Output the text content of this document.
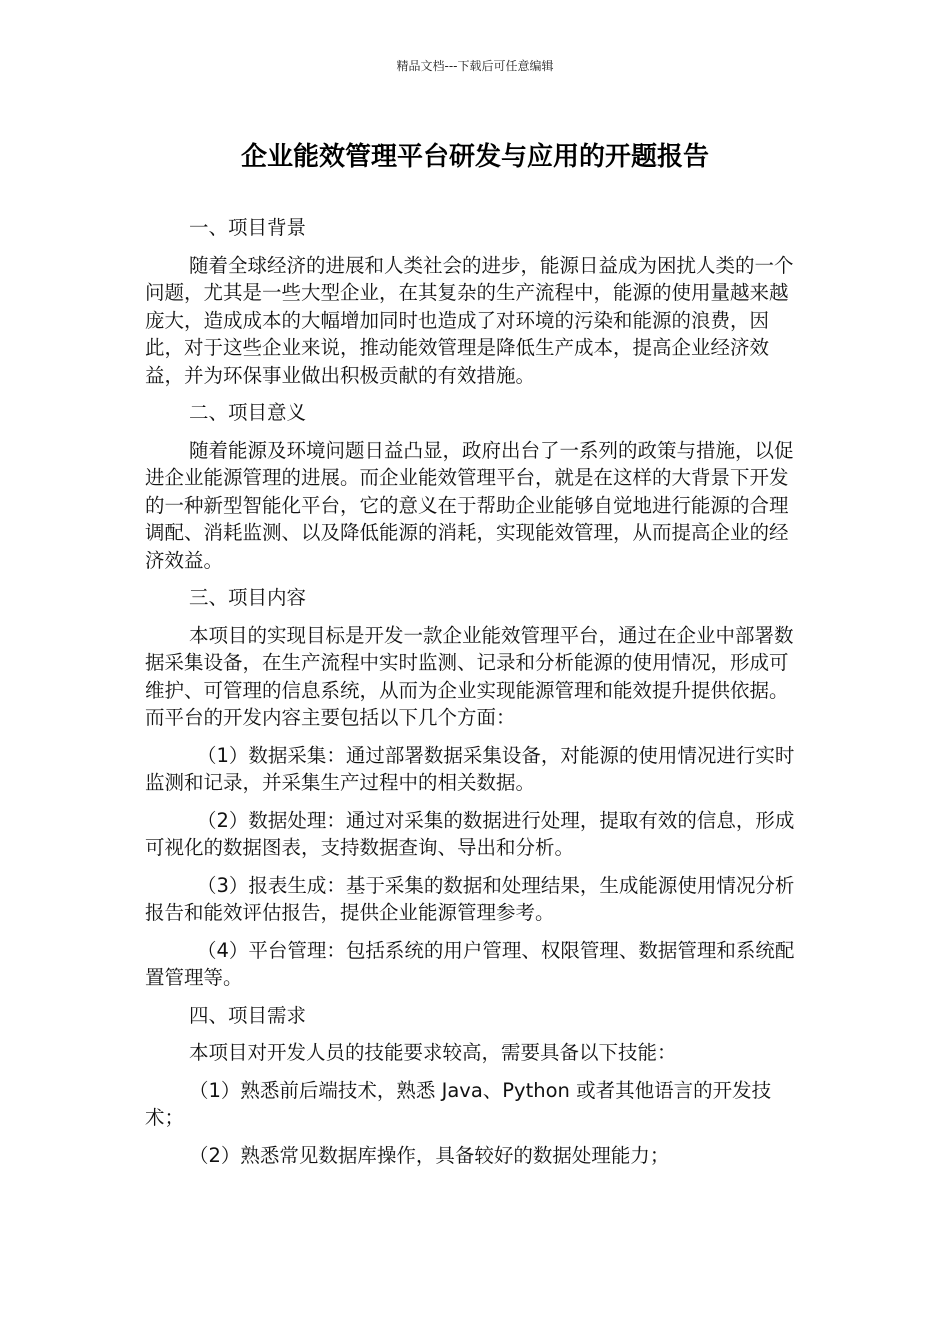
精品文档---下载后可任意编辑
企业能效管理平台研发与应用的开题报告

一、项目背景

随着全球经济的进展和人类社会的进步，能源日益成为困扰人类的一个问题，尤其是一些大型企业，在其复杂的生产流程中，能源的使用量越来越庞大，造成成本的大幅增加同时也造成了对环境的污染和能源的浪费，因此，对于这些企业来说，推动能效管理是降低生产成本，提高企业经济效益，并为环保事业做出积极贡献的有效措施。

二、项目意义

随着能源及环境问题日益凸显，政府出台了一系列的政策与措施，以促进企业能源管理的进展。而企业能效管理平台，就是在这样的大背景下开发的一种新型智能化平台，它的意义在于帮助企业能够自觉地进行能源的合理调配、消耗监测、以及降低能源的消耗，实现能效管理，从而提高企业的经济效益。

三、项目内容

本项目的实现目标是开发一款企业能效管理平台，通过在企业中部署数据采集设备，在生产流程中实时监测、记录和分析能源的使用情况，形成可维护、可管理的信息系统，从而为企业实现能源管理和能效提升提供依据。而平台的开发内容主要包括以下几个方面：

（1）数据采集：通过部署数据采集设备，对能源的使用情况进行实时监测和记录，并采集生产过程中的相关数据。

（2）数据处理：通过对采集的数据进行处理，提取有效的信息，形成可视化的数据图表，支持数据查询、导出和分析。

（3）报表生成：基于采集的数据和处理结果，生成能源使用情况分析报告和能效评估报告，提供企业能源管理参考。

（4）平台管理：包括系统的用户管理、权限管理、数据管理和系统配置管理等。

四、项目需求

本项目对开发人员的技能要求较高，需要具备以下技能：

（1）熟悉前后端技术，熟悉 Java、Python 或者其他语言的开发技术；

（2）熟悉常见数据库操作，具备较好的数据处理能力；
